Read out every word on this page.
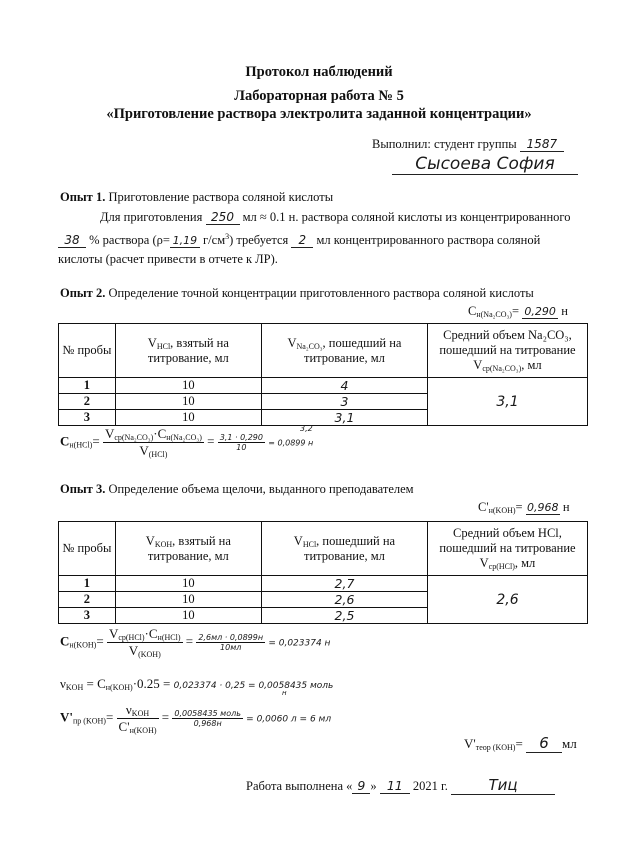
Протокол наблюдений
Лабораторная работа № 5
«Приготовление раствора электролита заданной концентрации»
Выполнил: студент группы 1587
Сысоева София
Опыт 1. Приготовление раствора соляной кислоты
Для приготовления 250 мл ≈ 0.1 н. раствора соляной кислоты из концентрированного
38 % раствора (ρ= 1,19 $г/см^3$) требуется 2 мл концентрированного раствора соляной
кислоты (расчет привести в отчете к ЛР).
Опыт 2. Определение точной концентрации приготовленного раствора соляной кислоты
$C_{н(Na_2CO_3)}= 0,290$ н
№ пробы	$V_{HCl}$, взятый на титрование, мл	$V_{Na_2CO_3}$, пошедший на титрование, мл	Средний объем Na₂CO₃, пошедший на титрование $V_{ср(Na_2CO_3)}$, мл
1	10	4	3,1
2	10	3	
3	10	3,1	
$C_{н(HCl)}= \frac{V_{ср(Na_2CO_3)}\cdot C_{н(Na_2CO_3)}}{V_{(HCl)}} = \frac{3,1 \cdot 0,290}{10} = 0,0899$ н
3,2
Опыт 3. Определение объема щелочи, выданного преподавателем
$C'_{н(KOH)}= 0,968$ н
№ пробы	$V_{KOH}$, взятый на титрование, мл	$V_{HCl}$, пошедший на титрование, мл	Средний объем HCl, пошедший на титрование $V_{ср(HCl)}$, мл
1	10	2,7	2,6
2	10	2,6	
3	10	2,5	
$C_{н(KOH)}= \frac{V_{ср(HCl)}\cdot C_{н(HCl)}}{V_{(KOH)}} = \frac{2,6мл \cdot 0,0899н}{10мл} = 0,023374$ н
$\nu_{KOH} = C_{н(KOH)}\cdot 0.25 = 0,023374 \cdot 0,25 = 0,0058435$ моль
н
$V'_{пр (KOH)}= \frac{\nu_{KOH}}{C'_{н(KOH)}} = \frac{\text{0,0058435 моль}}{0,968н} = 0,0060$ л = 6 мл
$V'_{теор (KOH)}= 6$ мл
Работа выполнена « 9 » 11 2021 г.	Тиц
